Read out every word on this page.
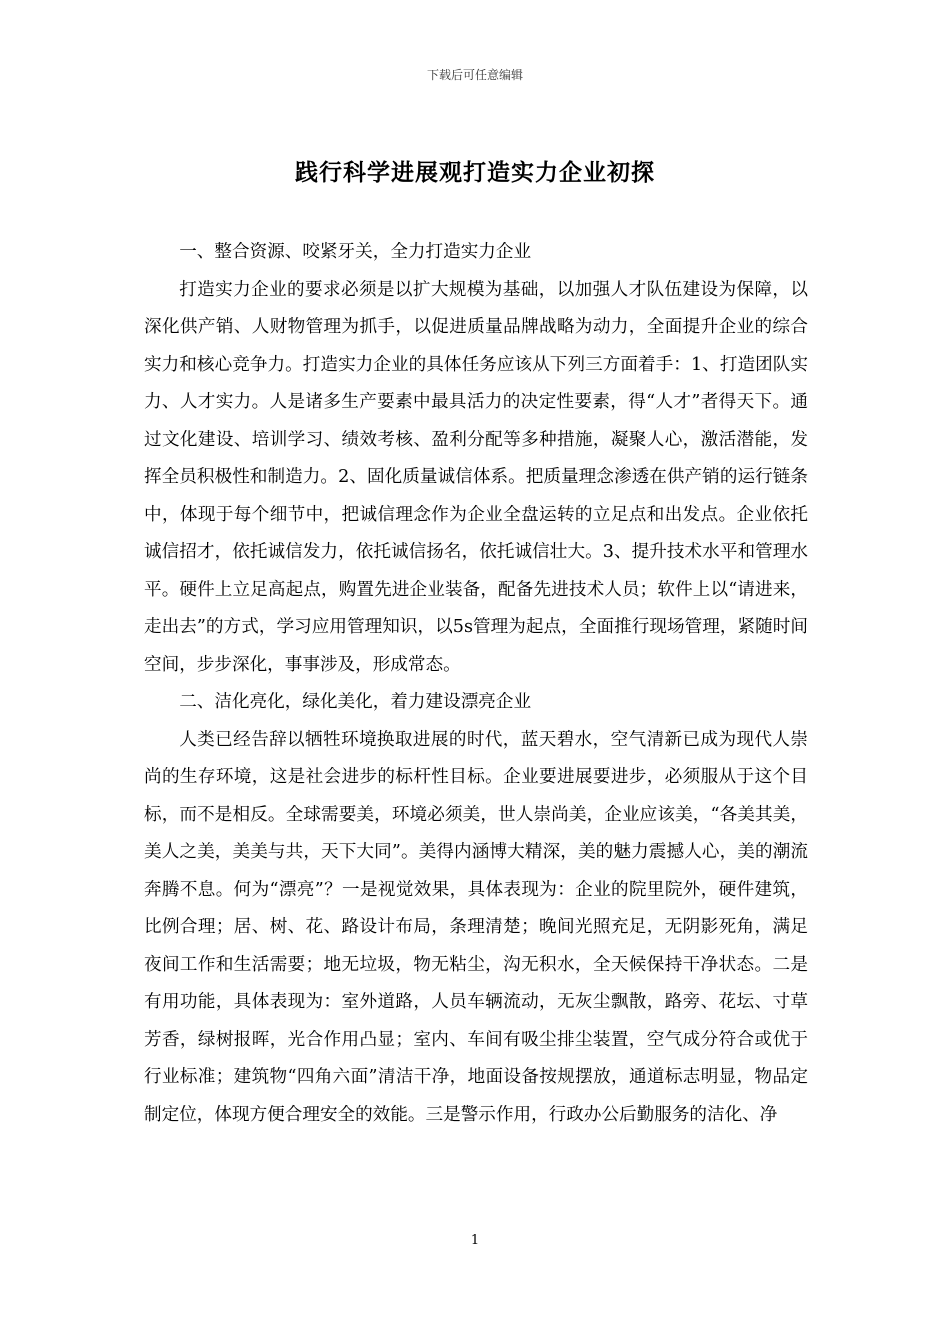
下载后可任意编辑
践行科学进展观打造实力企业初探

一、整合资源、咬紧牙关，全力打造实力企业

打造实力企业的要求必须是以扩大规模为基础，以加强人才队伍建设为保障，以深化供产销、人财物管理为抓手，以促进质量品牌战略为动力，全面提升企业的综合实力和核心竞争力。打造实力企业的具体任务应该从下列三方面着手：1、打造团队实力、人才实力。人是诸多生产要素中最具活力的决定性要素，得“人才”者得天下。通过文化建设、培训学习、绩效考核、盈利分配等多种措施，凝聚人心，激活潜能，发挥全员积极性和制造力。2、固化质量诚信体系。把质量理念渗透在供产销的运行链条中，体现于每个细节中，把诚信理念作为企业全盘运转的立足点和出发点。企业依托诚信招才，依托诚信发力，依托诚信扬名，依托诚信壮大。3、提升技术水平和管理水平。硬件上立足高起点，购置先进企业装备，配备先进技术人员；软件上以“请进来，走出去”的方式，学习应用管理知识，以5s管理为起点，全面推行现场管理，紧随时间空间，步步深化，事事涉及，形成常态。

二、洁化亮化，绿化美化，着力建设漂亮企业

人类已经告辞以牺牲环境换取进展的时代，蓝天碧水，空气清新已成为现代人崇尚的生存环境，这是社会进步的标杆性目标。企业要进展要进步，必须服从于这个目标，而不是相反。全球需要美，环境必须美，世人崇尚美，企业应该美，“各美其美，美人之美，美美与共，天下大同”。美得内涵博大精深，美的魅力震撼人心，美的潮流奔腾不息。何为“漂亮”？一是视觉效果，具体表现为：企业的院里院外，硬件建筑，比例合理；居、树、花、路设计布局，条理清楚；晚间光照充足，无阴影死角，满足夜间工作和生活需要；地无垃圾，物无粘尘，沟无积水，全天候保持干净状态。二是有用功能，具体表现为：室外道路，人员车辆流动，无灰尘飘散，路旁、花坛、寸草芳香，绿树报晖，光合作用凸显；室内、车间有吸尘排尘装置，空气成分符合或优于行业标准；建筑物“四角六面”清洁干净，地面设备按规摆放，通道标志明显，物品定制定位，体现方便合理安全的效能。三是警示作用，行政办公后勤服务的洁化、净

1
